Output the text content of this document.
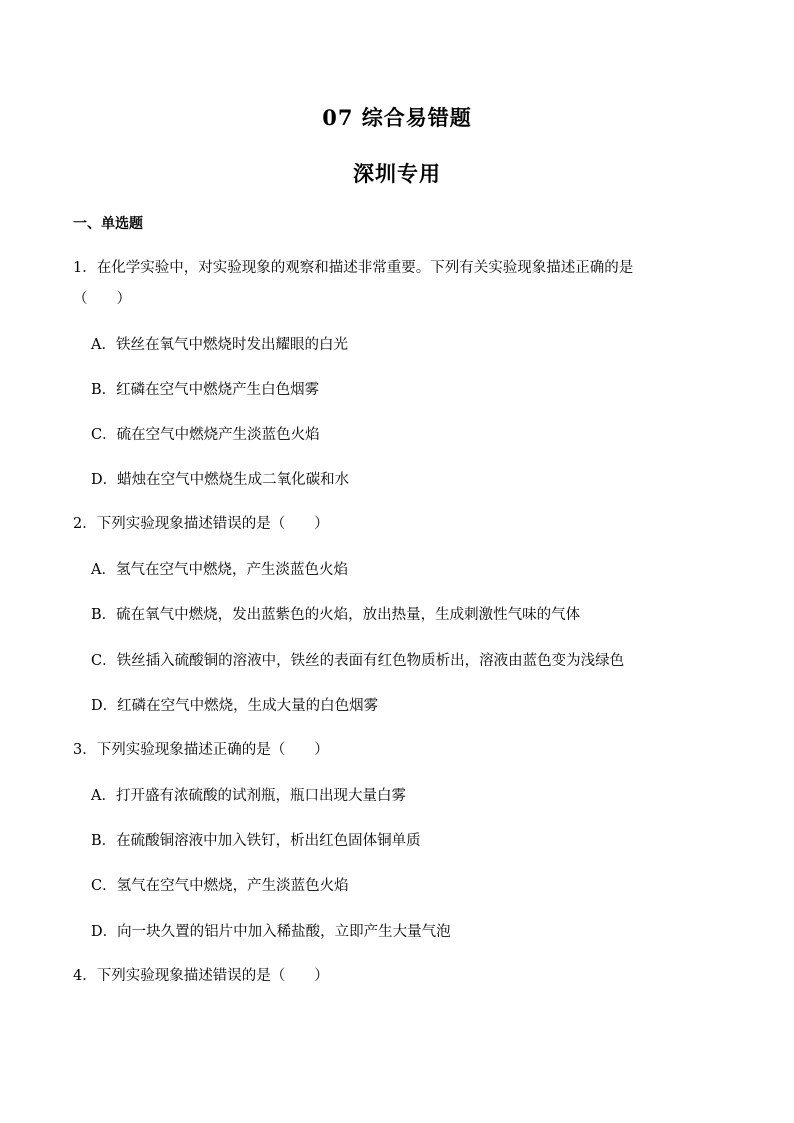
07 综合易错题
深圳专用
一、单选题
1．在化学实验中，对实验现象的观察和描述非常重要。下列有关实验现象描述正确的是
（　　）
A．铁丝在氧气中燃烧时发出耀眼的白光
B．红磷在空气中燃烧产生白色烟雾
C．硫在空气中燃烧产生淡蓝色火焰
D．蜡烛在空气中燃烧生成二氧化碳和水
2．下列实验现象描述错误的是（　　）
A．氢气在空气中燃烧，产生淡蓝色火焰
B．硫在氧气中燃烧，发出蓝紫色的火焰，放出热量，生成刺激性气味的气体
C．铁丝插入硫酸铜的溶液中，铁丝的表面有红色物质析出，溶液由蓝色变为浅绿色
D．红磷在空气中燃烧，生成大量的白色烟雾
3．下列实验现象描述正确的是（　　）
A．打开盛有浓硫酸的试剂瓶，瓶口出现大量白雾
B．在硫酸铜溶液中加入铁钉，析出红色固体铜单质
C．氢气在空气中燃烧，产生淡蓝色火焰
D．向一块久置的铝片中加入稀盐酸，立即产生大量气泡
4．下列实验现象描述错误的是（　　）
